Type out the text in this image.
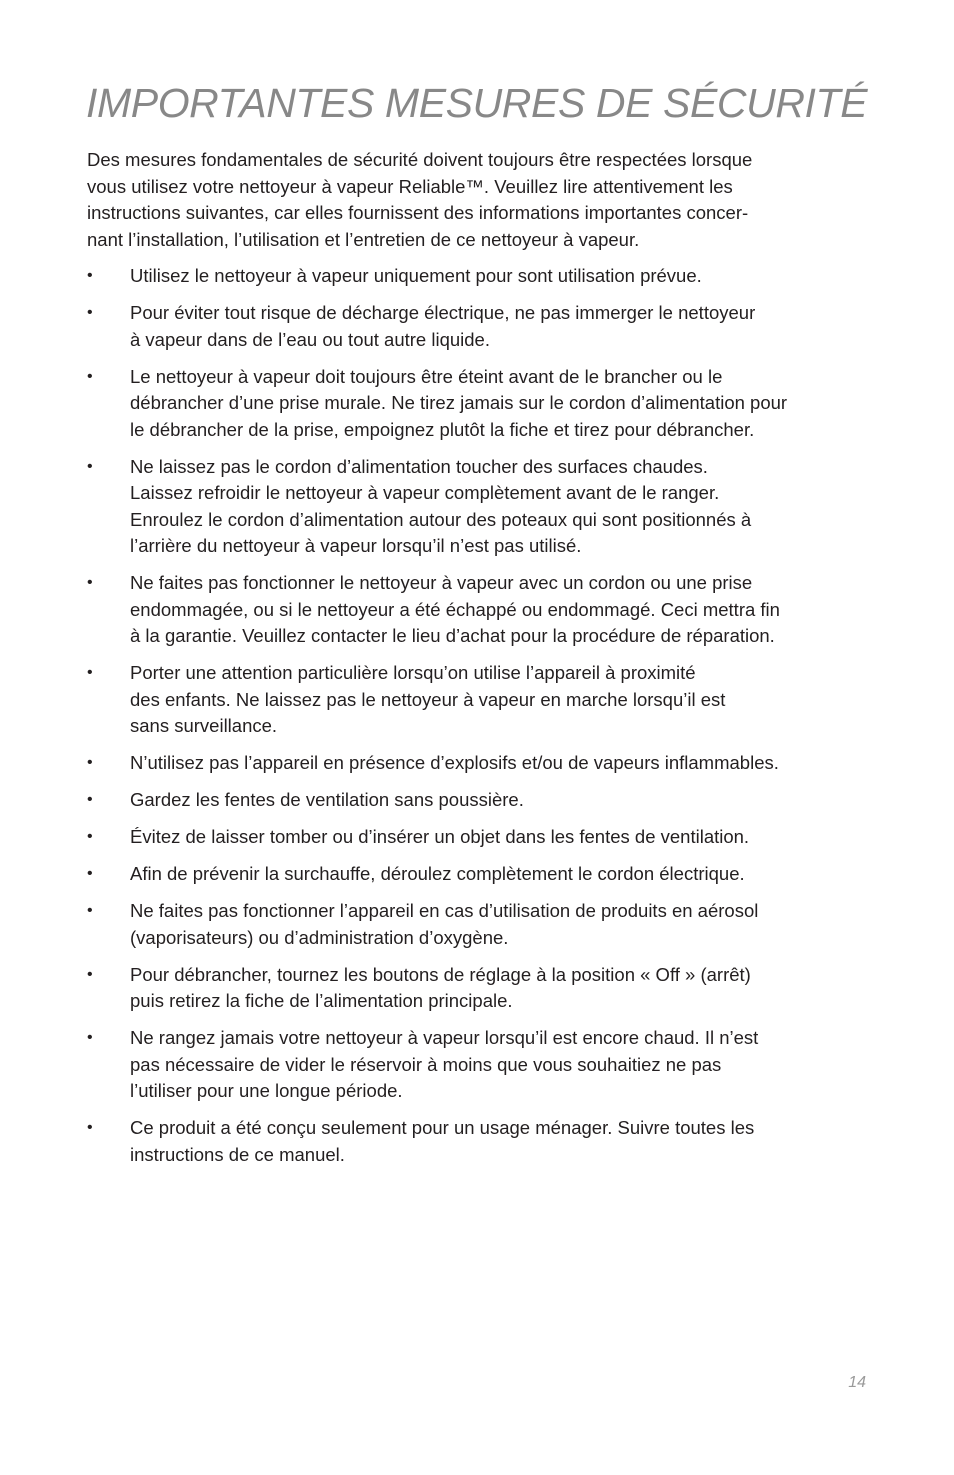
IMPORTANTES MESURES DE SÉCURITÉ

Des mesures fondamentales de sécurité doivent toujours être respectées lorsque
vous utilisez votre nettoyeur à vapeur Reliable™. Veuillez lire attentivement les
instructions suivantes, car elles fournissent des informations importantes concer-
nant l’installation, l’utilisation et l’entretien de ce nettoyeur à vapeur.

•	Utilisez le nettoyeur à vapeur uniquement pour sont utilisation prévue.
•	Pour éviter tout risque de décharge électrique, ne pas immerger le nettoyeur
à vapeur dans de l’eau ou tout autre liquide.
•	Le nettoyeur à vapeur doit toujours être éteint avant de le brancher ou le
débrancher d’une prise murale. Ne tirez jamais sur le cordon d’alimentation pour
le débrancher de la prise, empoignez plutôt la fiche et tirez pour débrancher.
•	Ne laissez pas le cordon d’alimentation toucher des surfaces chaudes.
Laissez refroidir le nettoyeur à vapeur complètement avant de le ranger.
Enroulez le cordon d’alimentation autour des poteaux qui sont positionnés à
l’arrière du nettoyeur à vapeur lorsqu’il n’est pas utilisé.
•	Ne faites pas fonctionner le nettoyeur à vapeur avec un cordon ou une prise
endommagée, ou si le nettoyeur a été échappé ou endommagé. Ceci mettra fin
à la garantie. Veuillez contacter le lieu d’achat pour la procédure de réparation.
•	Porter une attention particulière lorsqu’on utilise l’appareil à proximité
des enfants. Ne laissez pas le nettoyeur à vapeur en marche lorsqu’il est
sans surveillance.
•	N’utilisez pas l’appareil en présence d’explosifs et/ou de vapeurs inflammables.
•	Gardez les fentes de ventilation sans poussière.
•	Évitez de laisser tomber ou d’insérer un objet dans les fentes de ventilation.
•	Afin de prévenir la surchauffe, déroulez complètement le cordon électrique.
•	Ne faites pas fonctionner l’appareil en cas d’utilisation de produits en aérosol
(vaporisateurs) ou d’administration d’oxygène.
•	Pour débrancher, tournez les boutons de réglage à la position « Off » (arrêt)
puis retirez la fiche de l’alimentation principale.
•	Ne rangez jamais votre nettoyeur à vapeur lorsqu’il est encore chaud. Il n’est
pas nécessaire de vider le réservoir à moins que vous souhaitiez ne pas
l’utiliser pour une longue période.
•	Ce produit a été conçu seulement pour un usage ménager. Suivre toutes les
instructions de ce manuel.
14
